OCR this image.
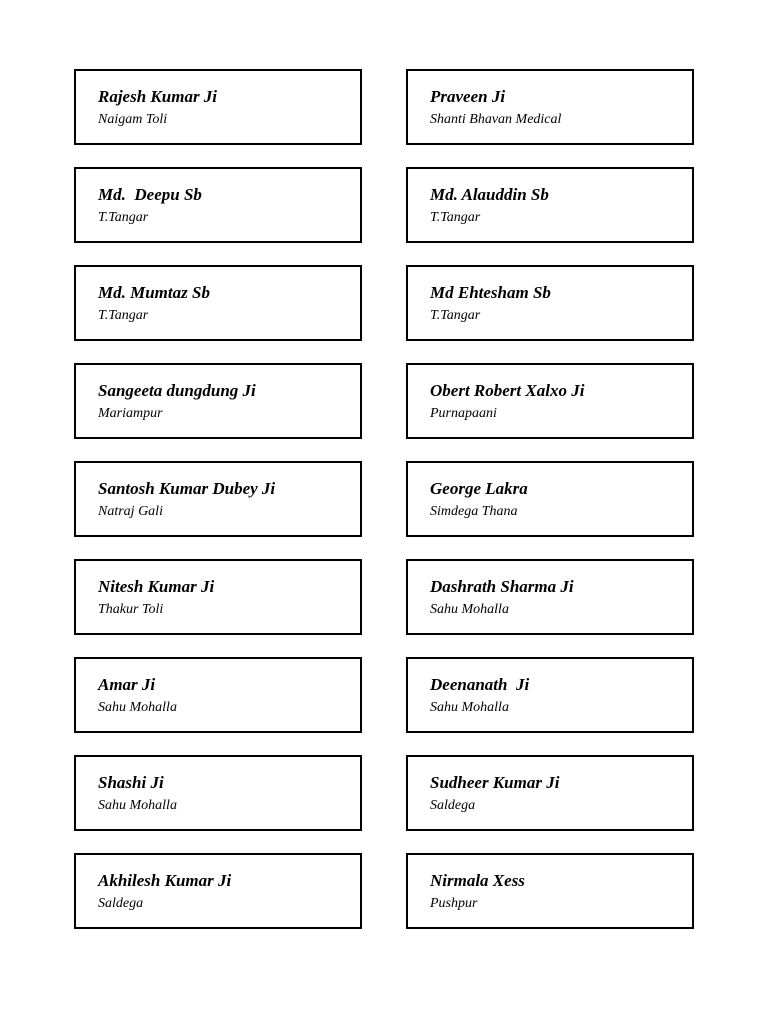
Rajesh Kumar Ji
Naigam Toli
Praveen Ji
Shanti Bhavan Medical
Md.  Deepu Sb
T.Tangar
Md. Alauddin Sb
T.Tangar
Md. Mumtaz Sb
T.Tangar
Md Ehtesham Sb
T.Tangar
Sangeeta dungdung Ji
Mariampur
Obert Robert Xalxo Ji
Purnapaani
Santosh Kumar Dubey Ji
Natraj Gali
George Lakra
Simdega Thana
Nitesh Kumar Ji
Thakur Toli
Dashrath Sharma Ji
Sahu Mohalla
Amar Ji
Sahu Mohalla
Deenanath  Ji
Sahu Mohalla
Shashi Ji
Sahu Mohalla
Sudheer Kumar Ji
Saldega
Akhilesh Kumar Ji
Saldega
Nirmala Xess
Pushpur
